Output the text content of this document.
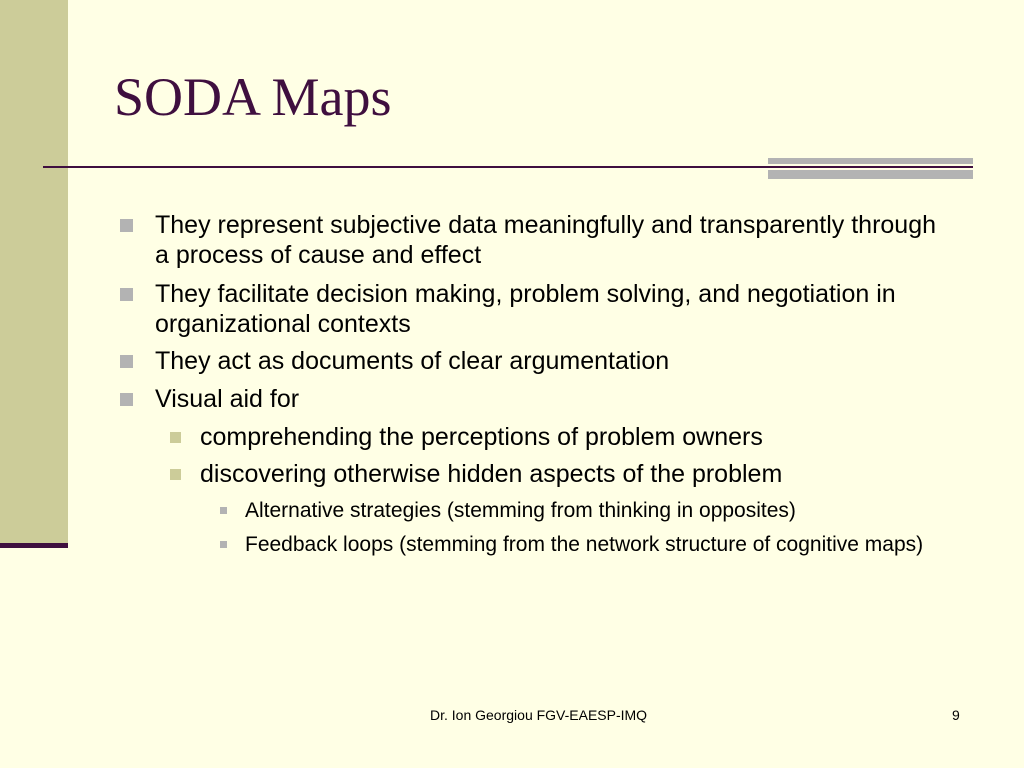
SODA Maps
They represent subjective data meaningfully and transparently through a process of cause and effect
They facilitate decision making, problem solving, and negotiation in organizational contexts
They act as documents of clear argumentation
Visual aid for
comprehending the perceptions of problem owners
discovering otherwise hidden aspects of the problem
Alternative strategies (stemming from thinking in opposites)
Feedback loops (stemming from the network structure of cognitive maps)
Dr. Ion Georgiou FGV-EAESP-IMQ	9
